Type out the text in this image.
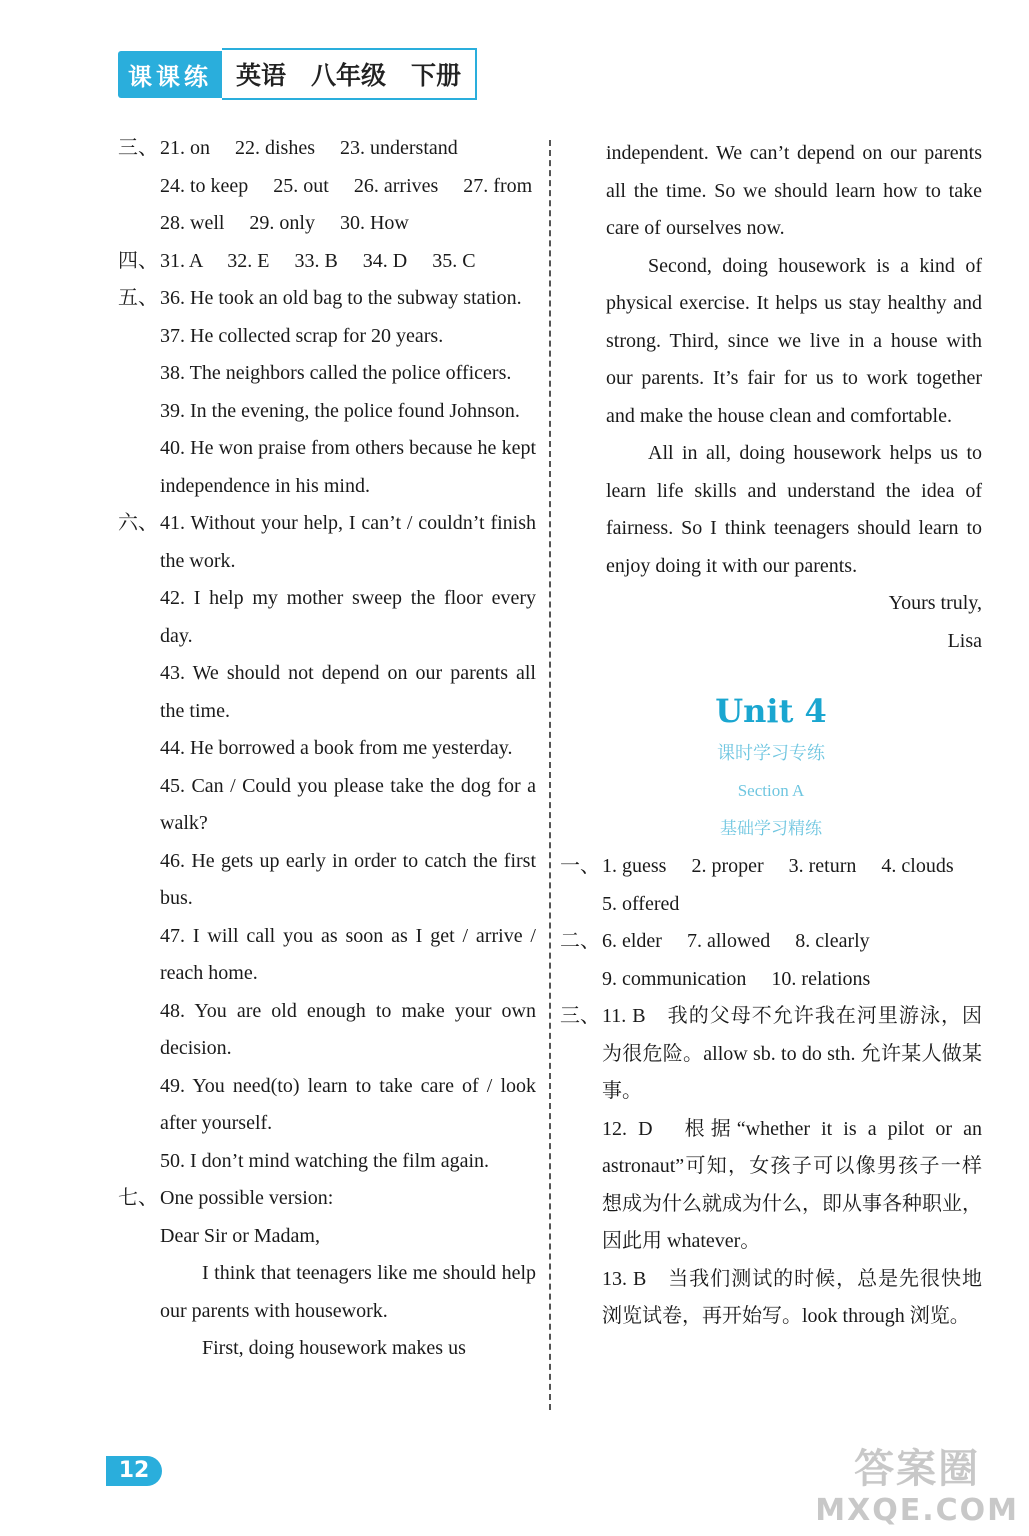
课课练 英语　八年级　下册
三、 21. on　 22. dishes　 23. understand
24. to keep　 25. out　 26. arrives　 27. from
28. well　 29. only　 30. How
四、 31. A　 32. E　 33. B　 34. D　 35. C
五、 36. He took an old bag to the subway station.
37. He collected scrap for 20 years.
38. The neighbors called the police officers.
39. In the evening, the police found Johnson.
40. He won praise from others because he kept independence in his mind.
六、 41. Without your help, I can’t / couldn’t finish the work.
42. I help my mother sweep the floor every day.
43. We should not depend on our parents all the time.
44. He borrowed a book from me yesterday.
45. Can / Could you please take the dog for a walk?
46. He gets up early in order to catch the first bus.
47. I will call you as soon as I get / arrive / reach home.
48. You are old enough to make your own decision.
49. You need(to) learn to take care of / look after yourself.
50. I don’t mind watching the film again.
七、 One possible version:
Dear Sir or Madam,
I think that teenagers like me should help our parents with housework.
First, doing housework makes us
independent. We can’t depend on our parents all the time. So we should learn how to take care of ourselves now.
Second, doing housework is a kind of physical exercise. It helps us stay healthy and strong. Third, since we live in a house with our parents. It’s fair for us to work together and make the house clean and comfortable.
All in all, doing housework helps us to learn life skills and understand the idea of fairness. So I think teenagers should learn to enjoy doing it with our parents.
Yours truly,
Lisa
Unit 4
课时学习专练
Section A
基础学习精练
一、 1. guess　 2. proper　 3. return　 4. clouds
5. offered
二、 6. elder　 7. allowed　 8. clearly
9. communication　 10. relations
三、 11. B　我的父母不允许我在河里游泳，因为很危险。allow sb. to do sth. 允许某人做某事。
12. D　根据“whether it is a pilot or an astronaut”可知，女孩子可以像男孩子一样想成为什么就成为什么，即从事各种职业，因此用 whatever。
13. B　当我们测试的时候，总是先很快地浏览试卷，再开始写。look through 浏览。
12	答案圈
MXQE.COM
